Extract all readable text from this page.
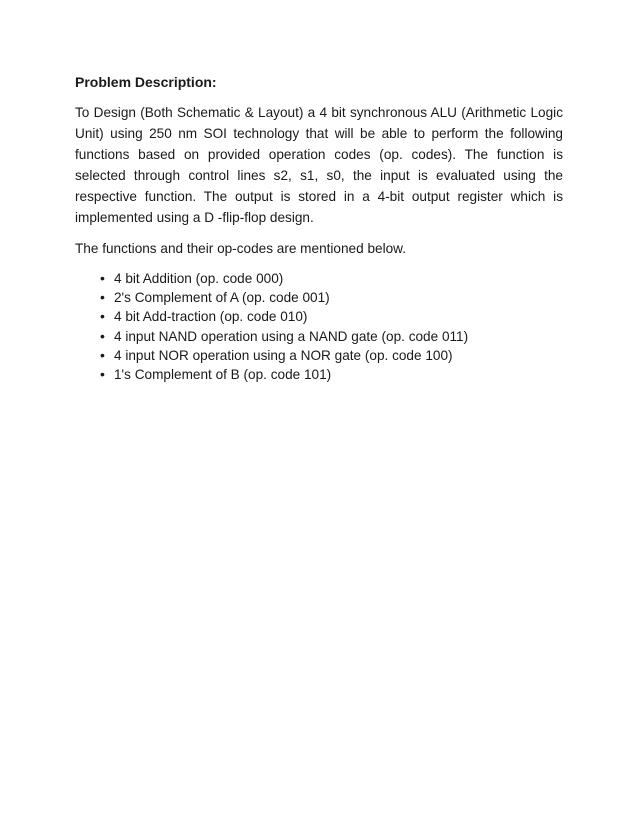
Problem Description:

To Design (Both Schematic & Layout) a 4 bit synchronous ALU (Arithmetic Logic Unit) using 250 nm SOI technology that will be able to perform the following functions based on provided operation codes (op. codes). The function is selected through control lines s2, s1, s0, the input is evaluated using the respective function. The output is stored in a 4-bit output register which is implemented using a D -flip-flop design.

The functions and their op-codes are mentioned below.

• 4 bit Addition (op. code 000)
• 2's Complement of A (op. code 001)
• 4 bit Add-traction (op. code 010)
• 4 input NAND operation using a NAND gate (op. code 011)
• 4 input NOR operation using a NOR gate (op. code 100)
• 1's Complement of B (op. code 101)
